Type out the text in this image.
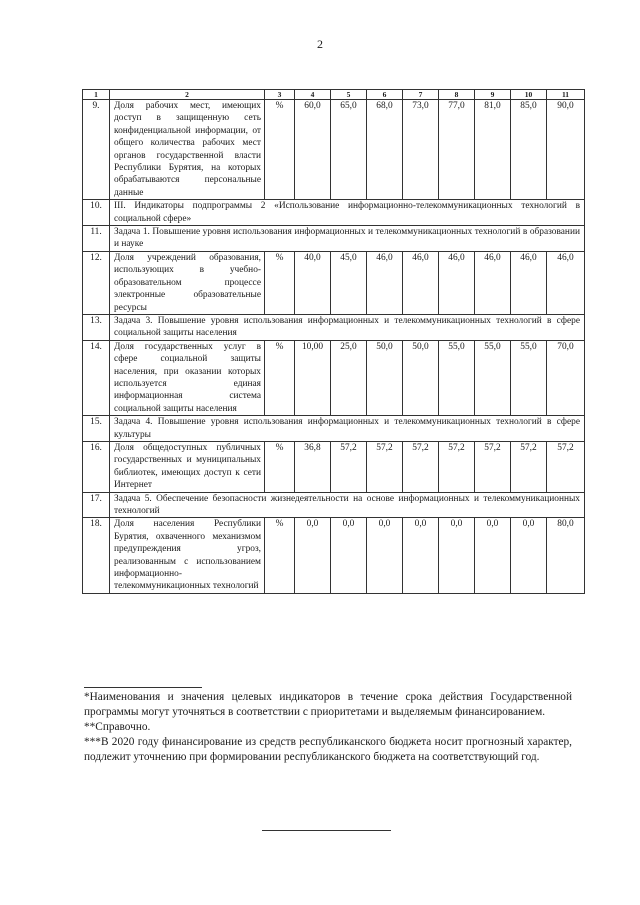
2
1	2	3	4	5	6	7	8	9	10	11
9.	Доля рабочих мест, имеющих доступ в защищенную сеть конфиденциальной информации, от общего количества рабочих мест органов государственной власти Республики Бурятия, на которых обрабатываются персональные данные	%	60,0	65,0	68,0	73,0	77,0	81,0	85,0	90,0
10.	III. Индикаторы подпрограммы 2 «Использование информационно-телекоммуникационных технологий в социальной сфере»									
11.	Задача 1. Повышение уровня использования информационных и телекоммуникационных технологий в образовании и науке									
12.	Доля учреждений образования, использующих в учебно-образовательном процессе электронные образовательные ресурсы	%	40,0	45,0	46,0	46,0	46,0	46,0	46,0	46,0
13.	Задача 3. Повышение уровня использования информационных и телекоммуникационных технологий в сфере социальной защиты населения									
14.	Доля государственных услуг в сфере социальной защиты населения, при оказании которых используется единая информационная система социальной защиты населения	%	10,00	25,0	50,0	50,0	55,0	55,0	55,0	70,0
15.	Задача 4. Повышение уровня использования информационных и телекоммуникационных технологий в сфере культуры									
16.	Доля общедоступных публичных государственных и муниципальных библиотек, имеющих доступ к сети Интернет	%	36,8	57,2	57,2	57,2	57,2	57,2	57,2	57,2
17.	Задача 5. Обеспечение безопасности жизнедеятельности на основе информационных и телекоммуникационных технологий									
18.	Доля населения Республики Бурятия, охваченного механизмом предупреждения угроз, реализованным с использованием информационно-телекоммуникационных технологий	%	0,0	0,0	0,0	0,0	0,0	0,0	0,0	80,0

*Наименования и значения целевых индикаторов в течение срока действия Государственной программы могут уточняться в соответствии с приоритетами и выделяемым финансированием.

**Справочно.

***В 2020 году финансирование из средств республиканского бюджета носит прогнозный характер, подлежит уточнению при формировании республиканского бюджета на соответствующий год.
